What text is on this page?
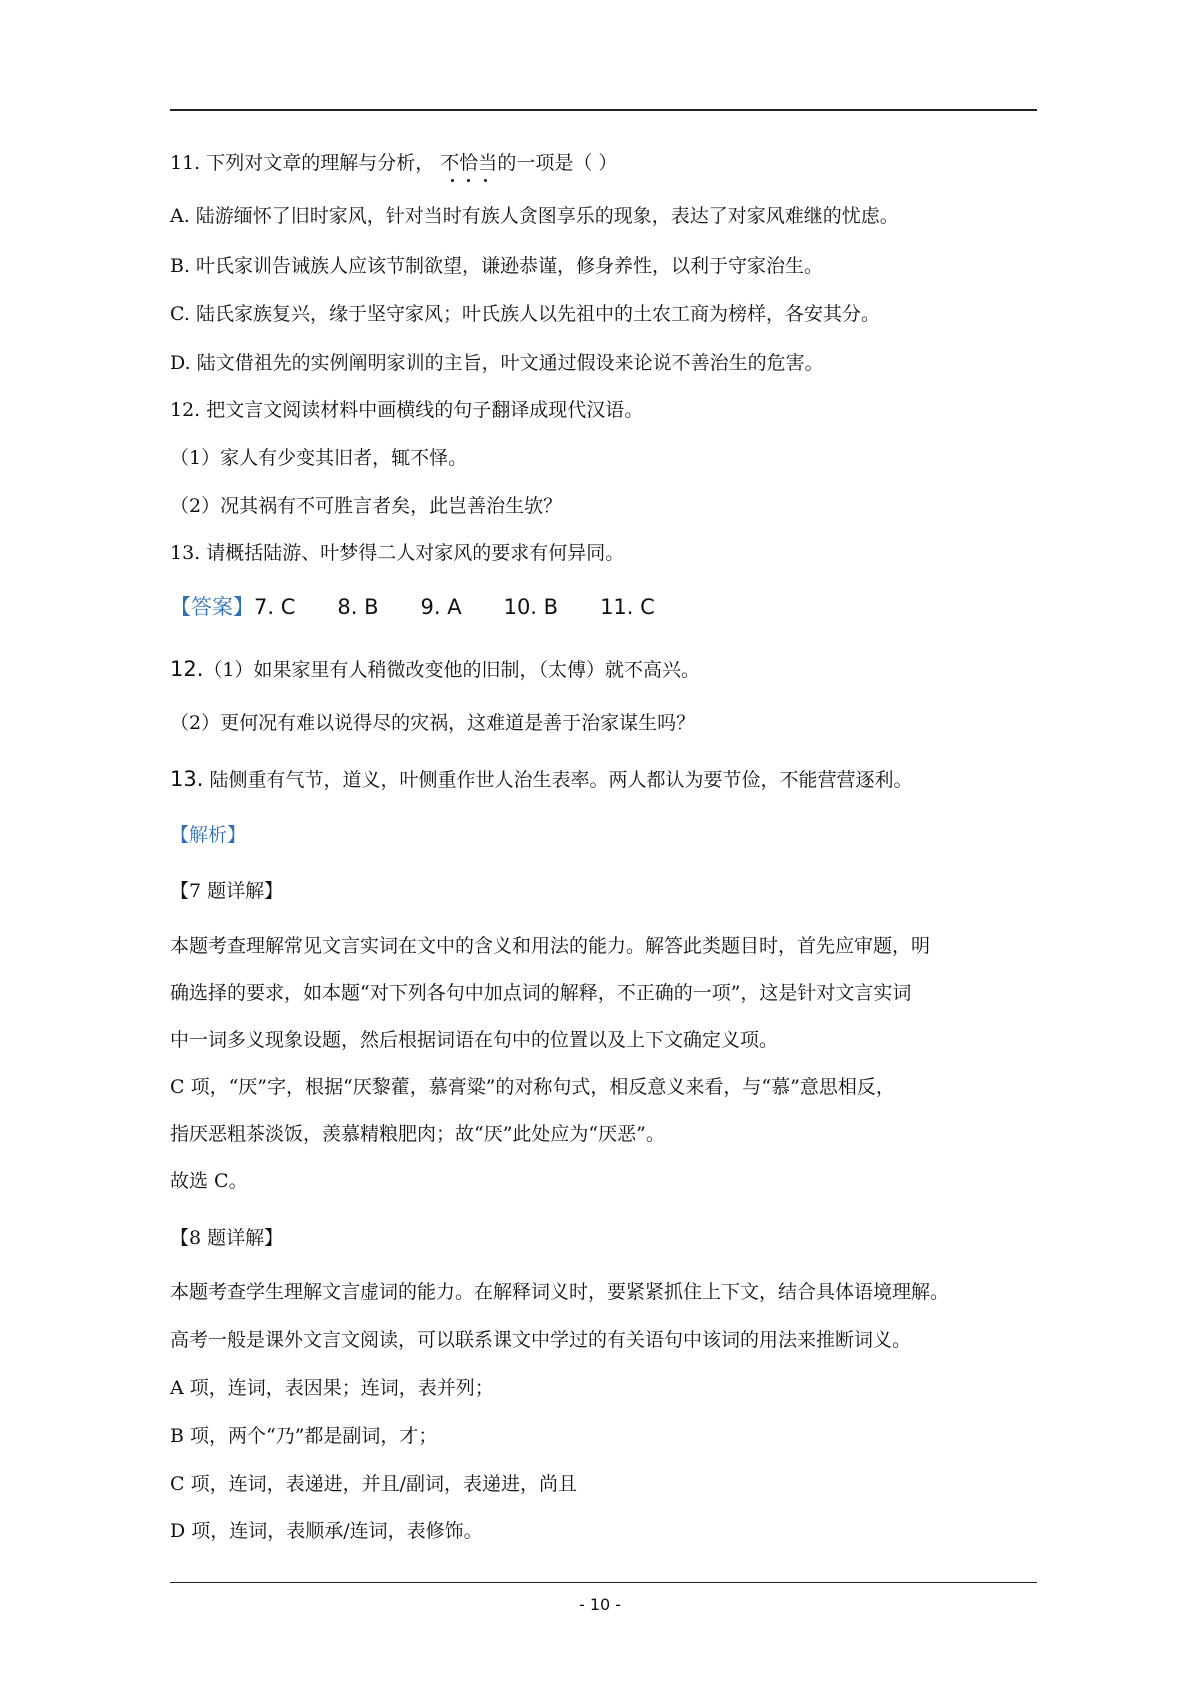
11. 下列对文章的理解与分析， 不恰当
的一项是（ ）
A. 陆游缅怀了旧时家风，针对当时有族人贪图享乐的现象，表达了对家风难继的忧虑。
B. 叶氏家训告诫族人应该节制欲望，谦逊恭谨，修身养性，以利于守家治生。
C. 陆氏家族复兴，缘于坚守家风；叶氏族人以先祖中的土农工商为榜样，各安其分。
D. 陆文借祖先的实例阐明家训的主旨，叶文通过假设来论说不善治生的危害。
12. 把文言文阅读材料中画横线的句子翻译成现代汉语。
（1）家人有少变其旧者，辄不怿。
（2）况其祸有不可胜言者矣，此岂善治生欤？
13. 请概括陆游、叶梦得二人对家风的要求有何异同。
【答案】7. C 8. B 9. A 10. B 11. C
12.（1）如果家里有人稍微改变他的旧制，（太傅）就不高兴。
（2）更何况有难以说得尽的灾祸，这难道是善于治家谋生吗？
13. 陆侧重有气节，道义，叶侧重作世人治生表率。两人都认为要节俭，不能营营逐利。
【解析】
【7 题详解】
本题考查理解常见文言实词在文中的含义和用法的能力。解答此类题目时，首先应审题，明
确选择的要求，如本题“对下列各句中加点词的解释，不正确的一项”，这是针对文言实词
中一词多义现象设题，然后根据词语在句中的位置以及上下文确定义项。
C 项，“厌”字，根据“厌黎藿，慕膏粱”的对称句式，相反意义来看，与“慕”意思相反，
指厌恶粗茶淡饭，羡慕精粮肥肉；故“厌”此处应为“厌恶”。
故选 C。
【8 题详解】
本题考查学生理解文言虚词的能力。在解释词义时，要紧紧抓住上下文，结合具体语境理解。
高考一般是课外文言文阅读，可以联系课文中学过的有关语句中该词的用法来推断词义。
A 项，连词，表因果；连词，表并列；
B 项，两个“乃”都是副词，才；
C 项，连词，表递进，并且/副词，表递进，尚且
D 项，连词，表顺承/连词，表修饰。
- 10 -
